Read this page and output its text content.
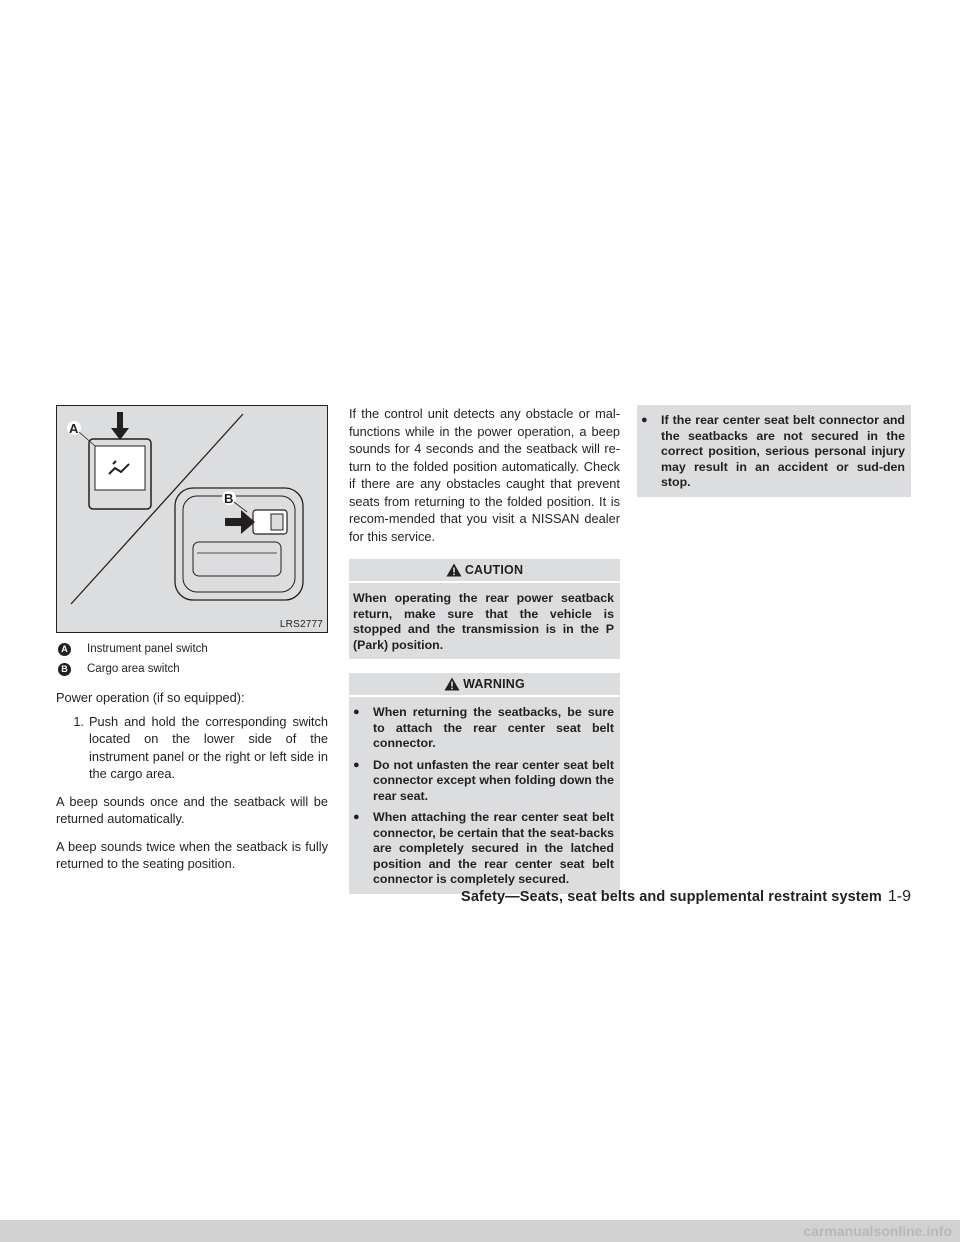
A
B
LRS2777
A Instrument panel switch
B Cargo area switch

Power operation (if so equipped):

1. Push and hold the corresponding switch located on the lower side of the instrument panel or the right or left side in the cargo area.

A beep sounds once and the seatback will be returned automatically.

A beep sounds twice when the seatback is fully returned to the seating position.

If the control unit detects any obstacle or mal-functions while in the power operation, a beep sounds for 4 seconds and the seatback will re-turn to the folded position automatically. Check if there are any obstacles caught that prevent seats from returning to the folded position. It is recom-mended that you visit a NISSAN dealer for this service.

CAUTION
When operating the rear power seatback return, make sure that the vehicle is stopped and the transmission is in the P (Park) position.
WARNING
●	When returning the seatbacks, be sure to attach the rear center seat belt connector.
●	Do not unfasten the rear center seat belt connector except when folding down the rear seat.
●	When attaching the rear center seat belt connector, be certain that the seat-backs are completely secured in the latched position and the rear center seat belt connector is completely secured.
●	If the rear center seat belt connector and the seatbacks are not secured in the correct position, serious personal injury may result in an accident or sud-den stop.
Safety—Seats, seat belts and supplemental restraint system 1-9
carmanualsonline.info
